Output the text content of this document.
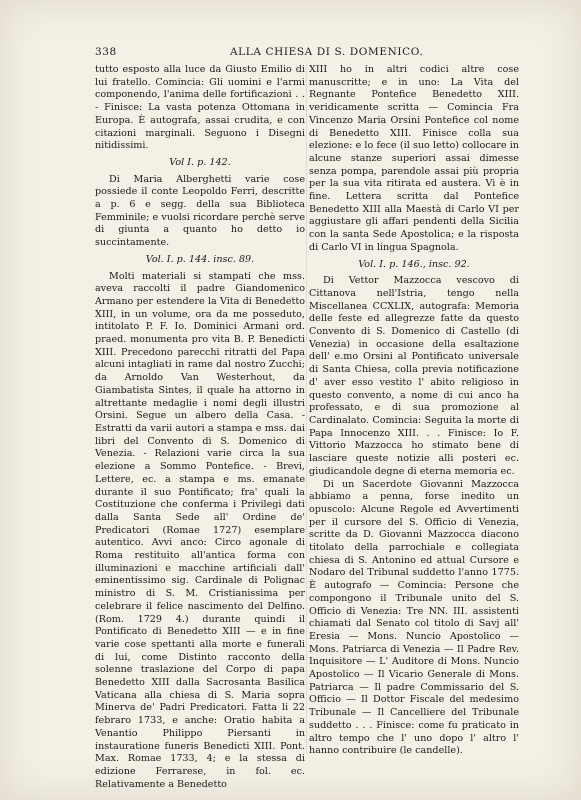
338	ALLA CHIESA DI S. DOMENICO.

tutto esposto alla luce da Giusto Emilio di lui fratello. Comincia: Gli uomini e l'armi componendo, l'anima delle fortificazioni . . - Finisce: La vasta potenza Ottomana in Europa. È autografa, assai crudita, e con citazioni marginali. Seguono i Disegni nitidissimi.

Vol I. p. 142.

Di Maria Alberghetti varie cose possiede il conte Leopoldo Ferri, descritte a p. 6 e segg. della sua Biblioteca Femminile; e vuolsi ricordare perchè serve di giunta a quanto ho detto io succintamente.

Vol. I. p. 144. insc. 89.

Molti materiali si stampati che mss. aveva raccolti il padre Giandomenico Armano per estendere la Vita di Benedetto XIII, in un volume, ora da me posseduto, intitolato P. F. Io. Dominici Armani ord. praed. monumenta pro vita B. P. Benedicti XIII. Precedono parecchi ritratti del Papa alcuni intagliati in rame dal nostro Zucchi; da Arnoldo Van Westerhout, da Giambatista Sintes, il quale ha attorno in altrettante medaglie i nomi degli illustri Orsini. Segue un albero della Casa. - Estratti da varii autori a stampa e mss. dai libri del Convento di S. Domenico di Venezia. - Relazioni varie circa la sua elezione a Sommo Pontefice. - Brevi, Lettere, ec. a stampa e ms. emanate durante il suo Pontificato; fra' quali la Costituzione che conferma i Privilegi dati dalla Santa Sede all' Ordine de' Predicatori (Romae 1727) esemplare autentico. Avvi anco: Circo agonale di Roma restituito all'antica forma con illuminazioni e macchine artificiali dall' eminentissimo sig. Cardinale di Polignac ministro di S. M. Cristianissima per celebrare il felice nascimento del Delfino. (Rom. 1729 4.) durante quindi il Pontificato di Benedetto XIII — e in fine varie cose spettanti alla morte e funerali di lui, come Distinto racconto della solenne traslazione del Corpo di papa Benedetto XIII dalla Sacrosanta Basilica Vaticana alla chiesa di S. Maria sopra Minerva de' Padri Predicatori. Fatta li 22 febraro 1733, e anche: Oratio habita a Venantio Philippo Piersanti in instauratione funeris Benedicti XIII. Pont. Max. Romae 1733, 4; e la stessa di edizione Ferrarese, in fol. ec. Relativamente a Benedetto

XIII ho in altri codici altre cose manuscritte; e in uno: La Vita del Regnante Pontefice Benedetto XIII. veridicamente scritta — Comincia Fra Vincenzo Maria Orsini Pontefice col nome di Benedetto XIII. Finisce colla sua elezione: e lo fece (il suo letto) collocare in alcune stanze superiori assai dimesse senza pompa, parendole assai più propria per la sua vita ritirata ed austera. Vi è in fine. Lettera scritta dal Pontefice Benedetto XIII alla Maestà di Carlo VI per aggiustare gli affari pendenti della Sicilia con la santa Sede Apostolica; e la risposta di Carlo VI in lingua Spagnola.

Vol. I. p. 146., insc. 92.

Di Vettor Mazzocca vescovo di Cittanova nell'Istria, tengo nella Miscellanea CCXLIX, autografa: Memoria delle feste ed allegrezze fatte da questo Convento di S. Domenico di Castello (di Venezia) in occasione della esaltazione dell' e.mo Orsini al Pontificato universale di Santa Chiesa, colla previa notificazione d' aver esso vestito l' abito religioso in questo convento, a nome di cui anco ha professato, e di sua promozione al Cardinalato. Comincia: Seguita la morte di Papa Innocenzo XIII. . . Finisce: Io F. Vittorio Mazzocca ho stimato bene di lasciare queste notizie alli posteri ec. giudicandole degne di eterna memoria ec.

Di un Sacerdote Giovanni Mazzocca abbiamo a penna, forse inedito un opuscolo: Alcune Regole ed Avvertimenti per il cursore del S. Officio di Venezia, scritte da D. Giovanni Mazzocca diacono titolato della parrochiale e collegiata chiesa di S. Antonino ed attual Cursore e Nodaro del Tribunal suddetto l'anno 1775. È autografo — Comincia: Persone che compongono il Tribunale unito del S. Officio di Venezia: Tre NN. III. assistenti chiamati dal Senato col titolo di Savj all' Eresia — Mons. Nuncio Apostolico — Mons. Patriarca di Venezia — Il Padre Rev. Inquisitore — L' Auditore di Mons. Nuncio Apostolico — Il Vicario Generale di Mons. Patriarca — Il padre Commissario del S. Officio — Il Dottor Fiscale del medesimo Tribunale — Il Cancelliere del Tribunale suddetto . . . Finisce: come fu praticato in altro tempo che l' uno dopo l' altro l' hanno contribuire (le candelle).
